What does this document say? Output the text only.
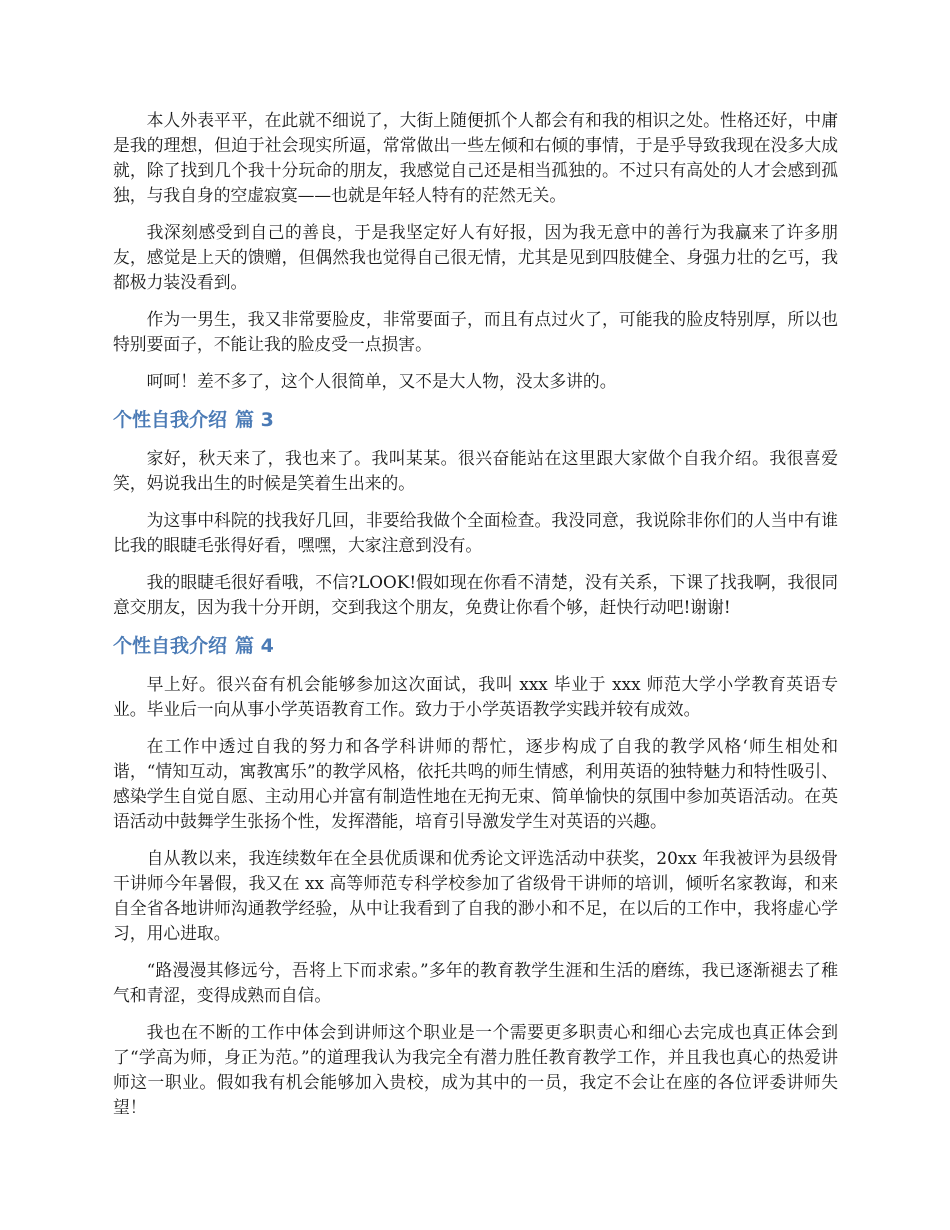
本人外表平平，在此就不细说了，大街上随便抓个人都会有和我的相识之处。性格还好，中庸是我的理想，但迫于社会现实所逼，常常做出一些左倾和右倾的事情，于是乎导致我现在没多大成就，除了找到几个我十分玩命的朋友，我感觉自己还是相当孤独的。不过只有高处的人才会感到孤独，与我自身的空虚寂寞——也就是年轻人特有的茫然无关。

我深刻感受到自己的善良，于是我坚定好人有好报，因为我无意中的善行为我赢来了许多朋友，感觉是上天的馈赠，但偶然我也觉得自己很无情，尤其是见到四肢健全、身强力壮的乞丐，我都极力装没看到。

作为一男生，我又非常要脸皮，非常要面子，而且有点过火了，可能我的脸皮特别厚，所以也特别要面子，不能让我的脸皮受一点损害。

呵呵！差不多了，这个人很简单，又不是大人物，没太多讲的。

个性自我介绍 篇 3

家好，秋天来了，我也来了。我叫某某。很兴奋能站在这里跟大家做个自我介绍。我很喜爱笑，妈说我出生的时候是笑着生出来的。

为这事中科院的找我好几回，非要给我做个全面检查。我没同意，我说除非你们的人当中有谁比我的眼睫毛张得好看，嘿嘿，大家注意到没有。

我的眼睫毛很好看哦，不信?LOOK!假如现在你看不清楚，没有关系，下课了找我啊，我很同意交朋友，因为我十分开朗，交到我这个朋友，免费让你看个够，赶快行动吧!谢谢!

个性自我介绍 篇 4

早上好。很兴奋有机会能够参加这次面试，我叫 xxx 毕业于 xxx 师范大学小学教育英语专业。毕业后一向从事小学英语教育工作。致力于小学英语教学实践并较有成效。

在工作中透过自我的努力和各学科讲师的帮忙，逐步构成了自我的教学风格‘师生相处和谐，“情知互动，寓教寓乐”的教学风格，依托共鸣的师生情感，利用英语的独特魅力和特性吸引、感染学生自觉自愿、主动用心并富有制造性地在无拘无束、简单愉快的氛围中参加英语活动。在英语活动中鼓舞学生张扬个性，发挥潜能，培育引导激发学生对英语的兴趣。

自从教以来，我连续数年在全县优质课和优秀论文评选活动中获奖，20xx 年我被评为县级骨干讲师今年暑假，我又在 xx 高等师范专科学校参加了省级骨干讲师的培训，倾听名家教诲，和来自全省各地讲师沟通教学经验，从中让我看到了自我的渺小和不足，在以后的工作中，我将虚心学习，用心进取。

“路漫漫其修远兮，吾将上下而求索。”多年的教育教学生涯和生活的磨练，我已逐渐褪去了稚气和青涩，变得成熟而自信。

我也在不断的工作中体会到讲师这个职业是一个需要更多职责心和细心去完成也真正体会到了“学高为师，身正为范。”的道理我认为我完全有潜力胜任教育教学工作，并且我也真心的热爱讲师这一职业。假如我有机会能够加入贵校，成为其中的一员，我定不会让在座的各位评委讲师失望！
